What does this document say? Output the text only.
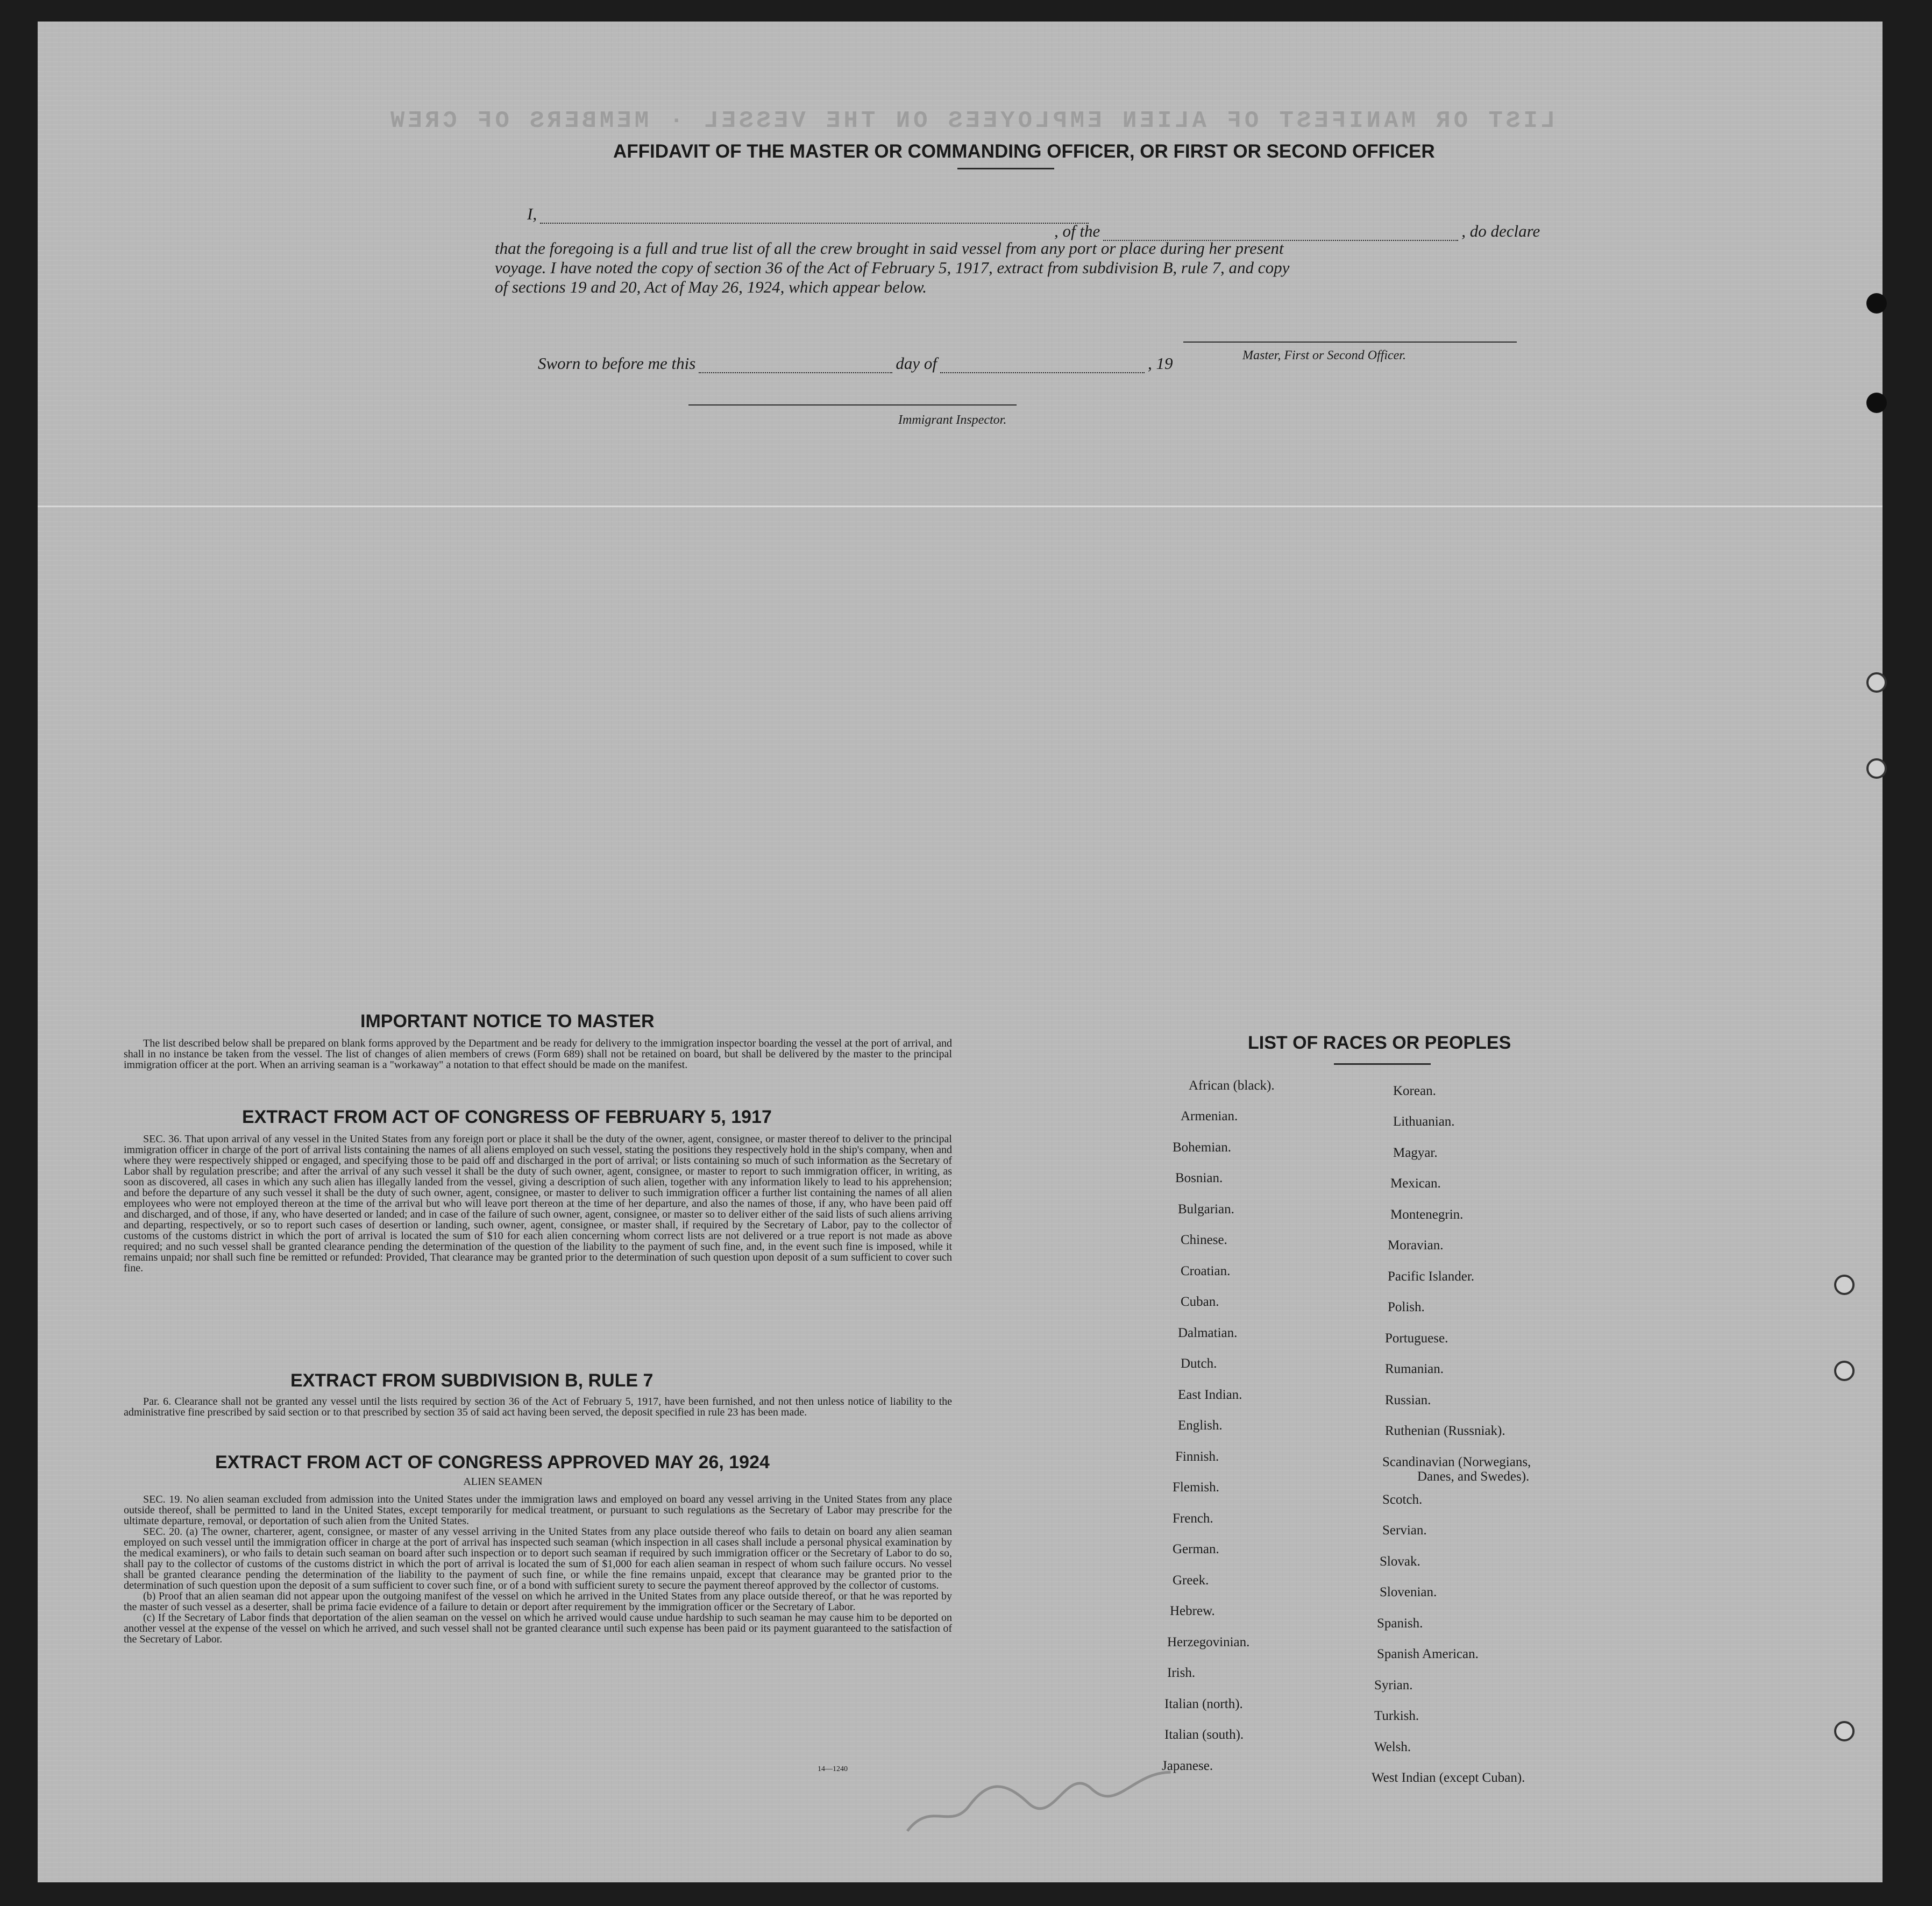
LIST OR MANIFEST OF ALIEN EMPLOYEES ON THE VESSEL · MEMBERS OF CREW
AFFIDAVIT OF THE MASTER OR COMMANDING OFFICER, OR FIRST OR SECOND OFFICER
I,
, of the	, do declare
that the foregoing is a full and true list of all the crew brought in said vessel from any port or place during her present
voyage. I have noted the copy of section 36 of the Act of February 5, 1917, extract from subdivision B, rule 7, and copy
of sections 19 and 20, Act of May 26, 1924, which appear below.
Master, First or Second Officer.
Sworn to before me this	day of	, 19
Immigrant Inspector.
IMPORTANT NOTICE TO MASTER

The list described below shall be prepared on blank forms approved by the Department and be ready for delivery to the immigration inspector boarding the vessel at the port of arrival, and shall in no instance be taken from the vessel. The list of changes of alien members of crews (Form 689) shall not be retained on board, but shall be delivered by the master to the principal immigration officer at the port. When an arriving seaman is a "workaway" a notation to that effect should be made on the manifest.

EXTRACT FROM ACT OF CONGRESS OF FEBRUARY 5, 1917

SEC. 36. That upon arrival of any vessel in the United States from any foreign port or place it shall be the duty of the owner, agent, consignee, or master thereof to deliver to the principal immigration officer in charge of the port of arrival lists containing the names of all aliens employed on such vessel, stating the positions they respectively hold in the ship's company, when and where they were respectively shipped or engaged, and specifying those to be paid off and discharged in the port of arrival; or lists containing so much of such information as the Secretary of Labor shall by regulation prescribe; and after the arrival of any such vessel it shall be the duty of such owner, agent, consignee, or master to report to such immigration officer, in writing, as soon as discovered, all cases in which any such alien has illegally landed from the vessel, giving a description of such alien, together with any information likely to lead to his apprehension; and before the departure of any such vessel it shall be the duty of such owner, agent, consignee, or master to deliver to such immigration officer a further list containing the names of all alien employees who were not employed thereon at the time of the arrival but who will leave port thereon at the time of her departure, and also the names of those, if any, who have been paid off and discharged, and of those, if any, who have deserted or landed; and in case of the failure of such owner, agent, consignee, or master so to deliver either of the said lists of such aliens arriving and departing, respectively, or so to report such cases of desertion or landing, such owner, agent, consignee, or master shall, if required by the Secretary of Labor, pay to the collector of customs of the customs district in which the port of arrival is located the sum of $10 for each alien concerning whom correct lists are not delivered or a true report is not made as above required; and no such vessel shall be granted clearance pending the determination of the question of the liability to the payment of such fine, and, in the event such fine is imposed, while it remains unpaid; nor shall such fine be remitted or refunded: Provided, That clearance may be granted prior to the determination of such question upon deposit of a sum sufficient to cover such fine.

EXTRACT FROM SUBDIVISION B, RULE 7

Par. 6. Clearance shall not be granted any vessel until the lists required by section 36 of the Act of February 5, 1917, have been furnished, and not then unless notice of liability to the administrative fine prescribed by said section or to that prescribed by section 35 of said act having been served, the deposit specified in rule 23 has been made.

EXTRACT FROM ACT OF CONGRESS APPROVED MAY 26, 1924
ALIEN SEAMEN

SEC. 19. No alien seaman excluded from admission into the United States under the immigration laws and employed on board any vessel arriving in the United States from any place outside thereof, shall be permitted to land in the United States, except temporarily for medical treatment, or pursuant to such regulations as the Secretary of Labor may prescribe for the ultimate departure, removal, or deportation of such alien from the United States.

SEC. 20. (a) The owner, charterer, agent, consignee, or master of any vessel arriving in the United States from any place outside thereof who fails to detain on board any alien seaman employed on such vessel until the immigration officer in charge at the port of arrival has inspected such seaman (which inspection in all cases shall include a personal physical examination by the medical examiners), or who fails to detain such seaman on board after such inspection or to deport such seaman if required by such immigration officer or the Secretary of Labor to do so, shall pay to the collector of customs of the customs district in which the port of arrival is located the sum of $1,000 for each alien seaman in respect of whom such failure occurs. No vessel shall be granted clearance pending the determination of the liability to the payment of such fine, or while the fine remains unpaid, except that clearance may be granted prior to the determination of such question upon the deposit of a sum sufficient to cover such fine, or of a bond with sufficient surety to secure the payment thereof approved by the collector of customs.

(b) Proof that an alien seaman did not appear upon the outgoing manifest of the vessel on which he arrived in the United States from any place outside thereof, or that he was reported by the master of such vessel as a deserter, shall be prima facie evidence of a failure to detain or deport after requirement by the immigration officer or the Secretary of Labor.

(c) If the Secretary of Labor finds that deportation of the alien seaman on the vessel on which he arrived would cause undue hardship to such seaman he may cause him to be deported on another vessel at the expense of the vessel on which he arrived, and such vessel shall not be granted clearance until such expense has been paid or its payment guaranteed to the satisfaction of the Secretary of Labor.

14—1240
LIST OF RACES OR PEOPLES
African (black).
Armenian.
Bohemian.
Bosnian.
Bulgarian.
Chinese.
Croatian.
Cuban.
Dalmatian.
Dutch.
East Indian.
English.
Finnish.
Flemish.
French.
German.
Greek.
Hebrew.
Herzegovinian.
Irish.
Italian (north).
Italian (south).
Japanese.
Korean.
Lithuanian.
Magyar.
Mexican.
Montenegrin.
Moravian.
Pacific Islander.
Polish.
Portuguese.
Rumanian.
Russian.
Ruthenian (Russniak).
Scandinavian (Norwegians,
Danes, and Swedes).
Scotch.
Servian.
Slovak.
Slovenian.
Spanish.
Spanish American.
Syrian.
Turkish.
Welsh.
West Indian (except Cuban).
